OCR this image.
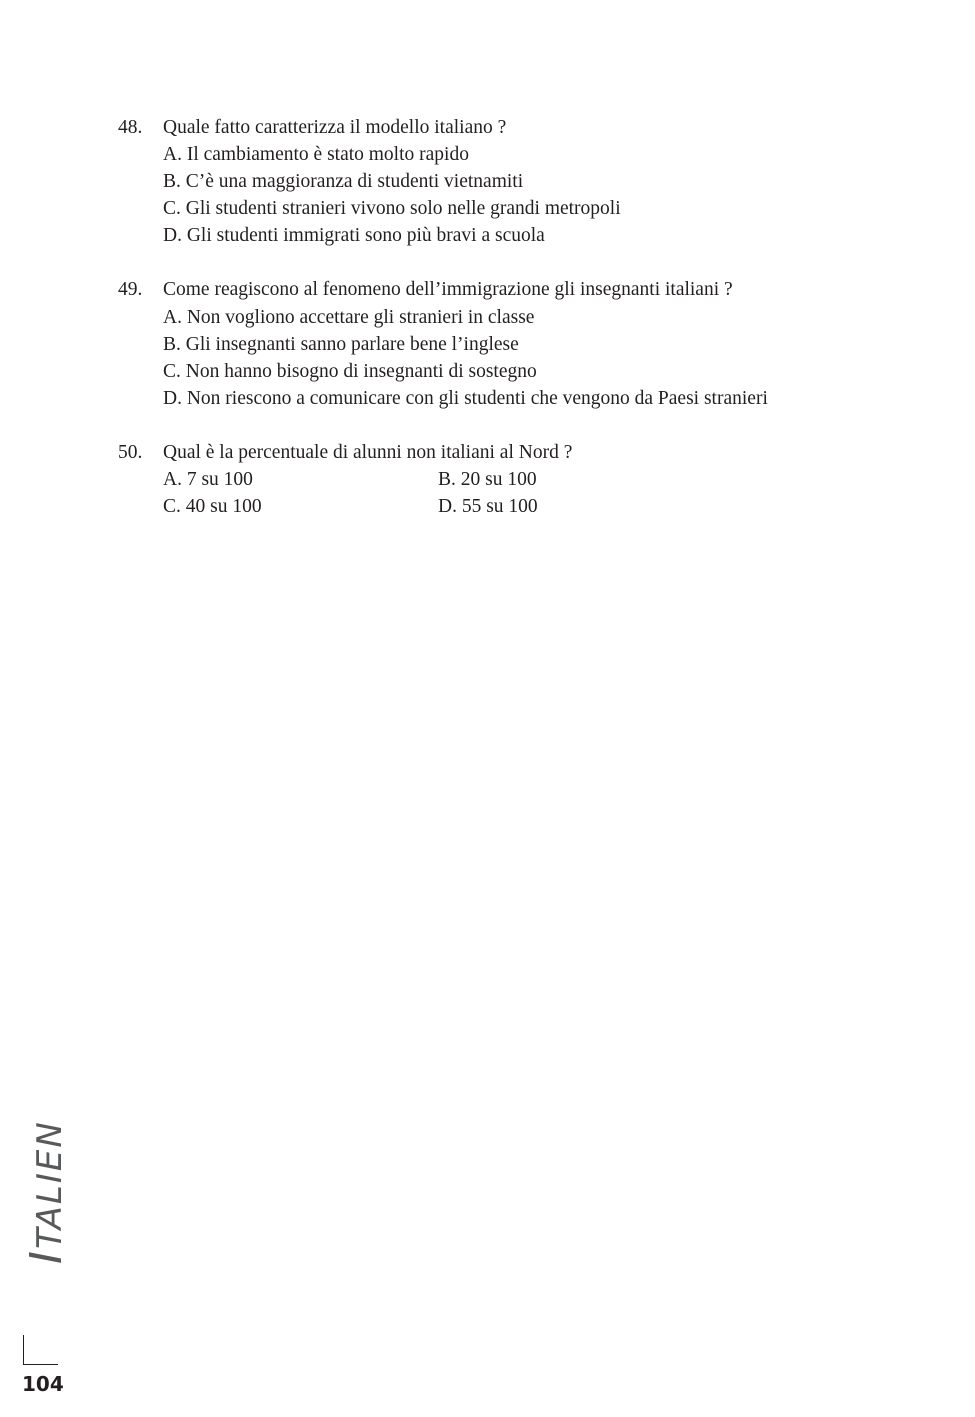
48. Quale fatto caratterizza il modello italiano ?
A. Il cambiamento è stato molto rapido
B. C’è una maggioranza di studenti vietnamiti
C. Gli studenti stranieri vivono solo nelle grandi metropoli
D. Gli studenti immigrati sono più bravi a scuola
49. Come reagiscono al fenomeno dell’immigrazione gli insegnanti italiani ?
A. Non vogliono accettare gli stranieri in classe
B. Gli insegnanti sanno parlare bene l’inglese
C. Non hanno bisogno di insegnanti di sostegno
D. Non riescono a comunicare con gli studenti che vengono da Paesi stranieri
50. Qual è la percentuale di alunni non italiani al Nord ?
A. 7 su 100	B. 20 su 100
C. 40 su 100	D. 55 su 100
ITALIEN
104
